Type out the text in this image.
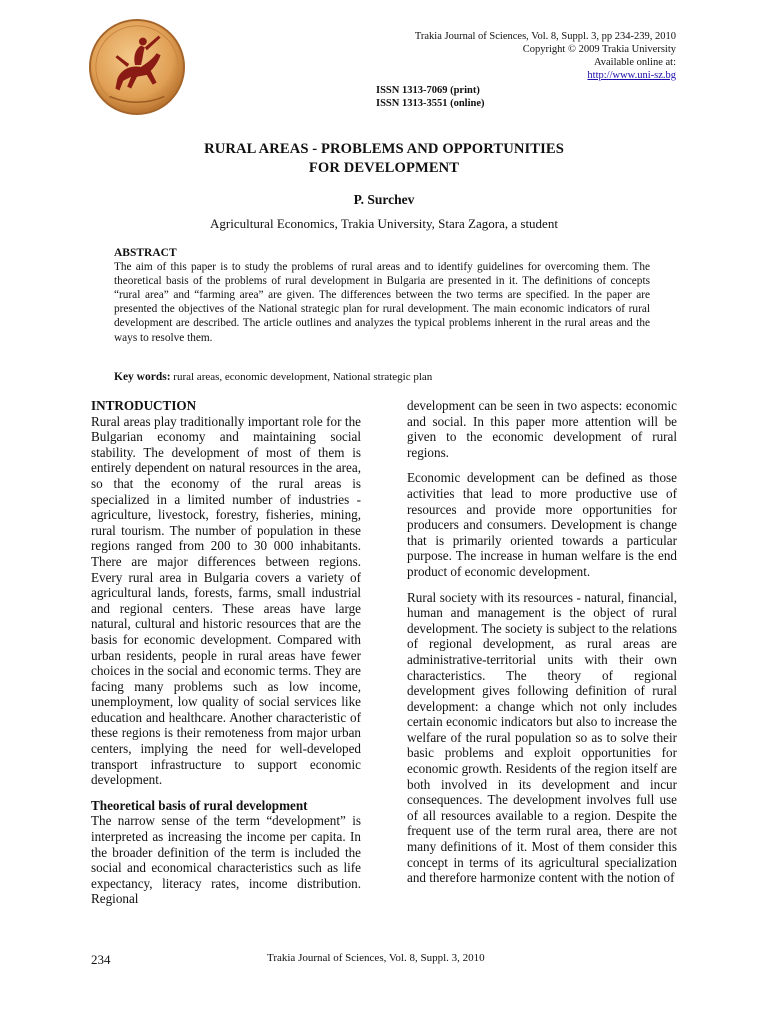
Trakia Journal of Sciences, Vol. 8, Suppl. 3, pp 234-239, 2010
Copyright © 2009 Trakia University
Available online at:
http://www.uni-sz.bg
ISSN 1313-7069 (print)
ISSN 1313-3551 (online)
RURAL AREAS - PROBLEMS AND OPPORTUNITIES
FOR DEVELOPMENT
P. Surchev
Agricultural Economics, Trakia University, Stara Zagora, a student
ABSTRACT
The aim of this paper is to study the problems of rural areas and to identify guidelines for overcoming them. The theoretical basis of the problems of rural development in Bulgaria are presented in it. The definitions of concepts “rural area” and “farming area” are given. The differences between the two terms are specified. In the paper are presented the objectives of the National strategic plan for rural development. The main economic indicators of rural development are described. The article outlines and analyzes the typical problems inherent in the rural areas and the ways to resolve them.
Key words: rural areas, economic development, National strategic plan
INTRODUCTION

Rural areas play traditionally important role for the Bulgarian economy and maintaining social stability. The development of most of them is entirely dependent on natural resources in the area, so that the economy of the rural areas is specialized in a limited number of industries - agriculture, livestock, forestry, fisheries, mining, rural tourism. The number of population in these regions ranged from 200 to 30 000 inhabitants. There are major differences between regions. Every rural area in Bulgaria covers a variety of agricultural lands, forests, farms, small industrial and regional centers. These areas have large natural, cultural and historic resources that are the basis for economic development. Compared with urban residents, people in rural areas have fewer choices in the social and economic terms. They are facing many problems such as low income, unemployment, low quality of social services like education and healthcare. Another characteristic of these regions is their remoteness from major urban centers, implying the need for well-developed transport infrastructure to support economic development.

Theoretical basis of rural development

The narrow sense of the term “development” is interpreted as increasing the income per capita. In the broader definition of the term is included the social and economical characteristics such as life expectancy, literacy rates, income distribution. Regional

development can be seen in two aspects: economic and social. In this paper more attention will be given to the economic development of rural regions.

Economic development can be defined as those activities that lead to more productive use of resources and provide more opportunities for producers and consumers. Development is change that is primarily oriented towards a particular purpose. The increase in human welfare is the end product of economic development.

Rural society with its resources - natural, financial, human and management is the object of rural development. The society is subject to the relations of regional development, as rural areas are administrative-territorial units with their own characteristics. The theory of regional development gives following definition of rural development: a change which not only includes certain economic indicators but also to increase the welfare of the rural population so as to solve their basic problems and exploit opportunities for economic growth. Residents of the region itself are both involved in its development and incur consequences. The development involves full use of all resources available to a region. Despite the frequent use of the term rural area, there are not many definitions of it. Most of them consider this concept in terms of its agricultural specialization and therefore harmonize content with the notion of

234	Trakia Journal of Sciences, Vol. 8, Suppl. 3, 2010
